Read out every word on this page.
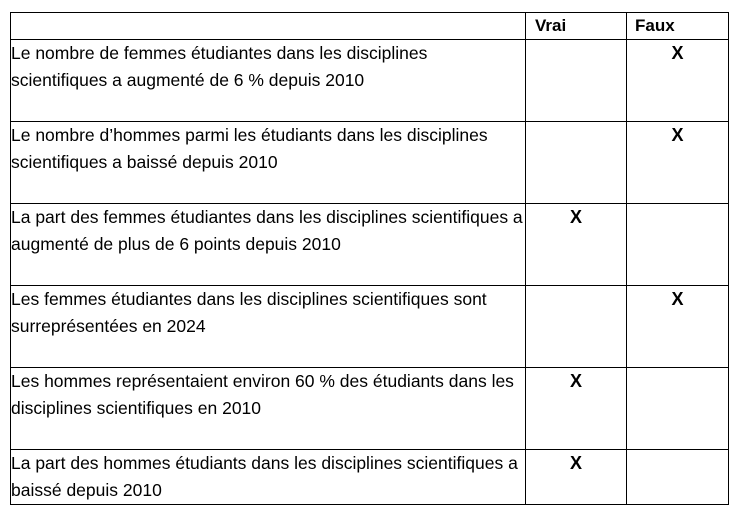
	Vrai	Faux
Le nombre de femmes étudiantes dans les disciplines scientifiques a augmenté de 6 % depuis 2010		X
Le nombre d’hommes parmi les étudiants dans les disciplines scientifiques a baissé depuis 2010		X
La part des femmes étudiantes dans les disciplines scientifiques a augmenté de plus de 6 points depuis 2010	X	
Les femmes étudiantes dans les disciplines scientifiques sont surreprésentées en 2024		X
Les hommes représentaient environ 60 % des étudiants dans les disciplines scientifiques en 2010	X	
La part des hommes étudiants dans les disciplines scientifiques a baissé depuis 2010	X	
